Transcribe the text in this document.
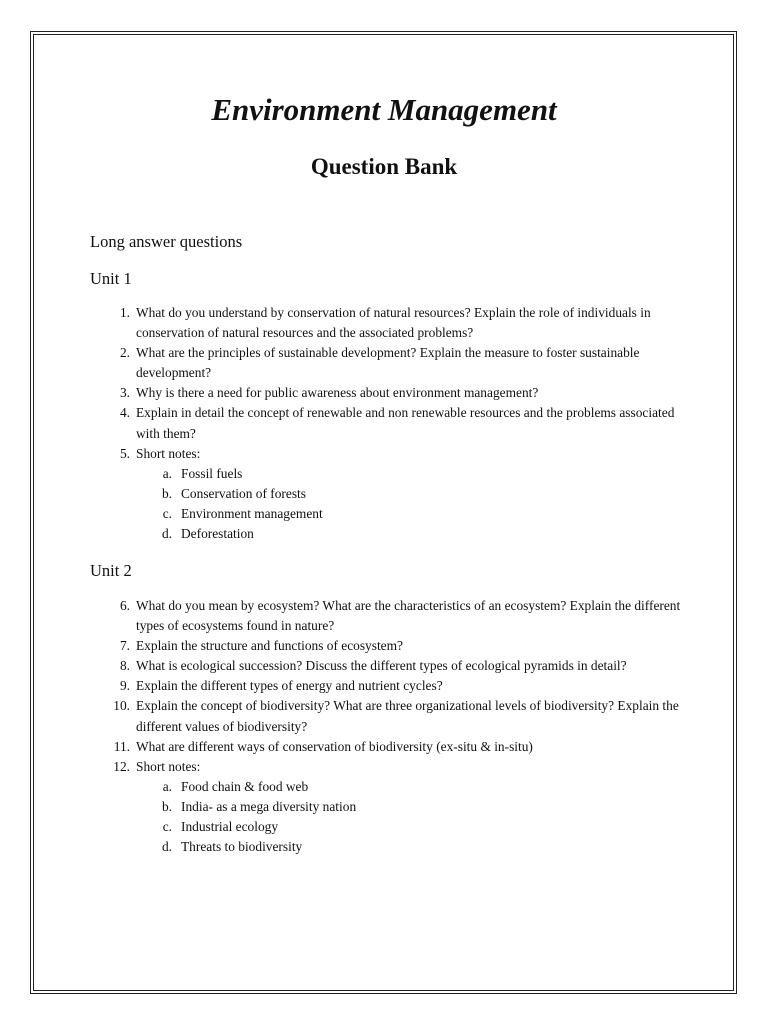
Environment Management
Question Bank

Long answer questions

Unit 1

1. What do you understand by conservation of natural resources? Explain the role of individuals in conservation of natural resources and the associated problems?
2. What are the principles of sustainable development? Explain the measure to foster sustainable development?
3. Why is there a need for public awareness about environment management?
4. Explain in detail the concept of renewable and non renewable resources and the problems associated with them?
5. Short notes:
a. Fossil fuels
b. Conservation of forests
c. Environment management
d. Deforestation

Unit 2

6. What do you mean by ecosystem? What are the characteristics of an ecosystem? Explain the different types of ecosystems found in nature?
7. Explain the structure and functions of ecosystem?
8. What is ecological succession? Discuss the different types of ecological pyramids in detail?
9. Explain the different types of energy and nutrient cycles?
10. Explain the concept of biodiversity? What are three organizational levels of biodiversity? Explain the different values of biodiversity?
11. What are different ways of conservation of biodiversity (ex-situ & in-situ)
12. Short notes:
a. Food chain & food web
b. India- as a mega diversity nation
c. Industrial ecology
d. Threats to biodiversity
